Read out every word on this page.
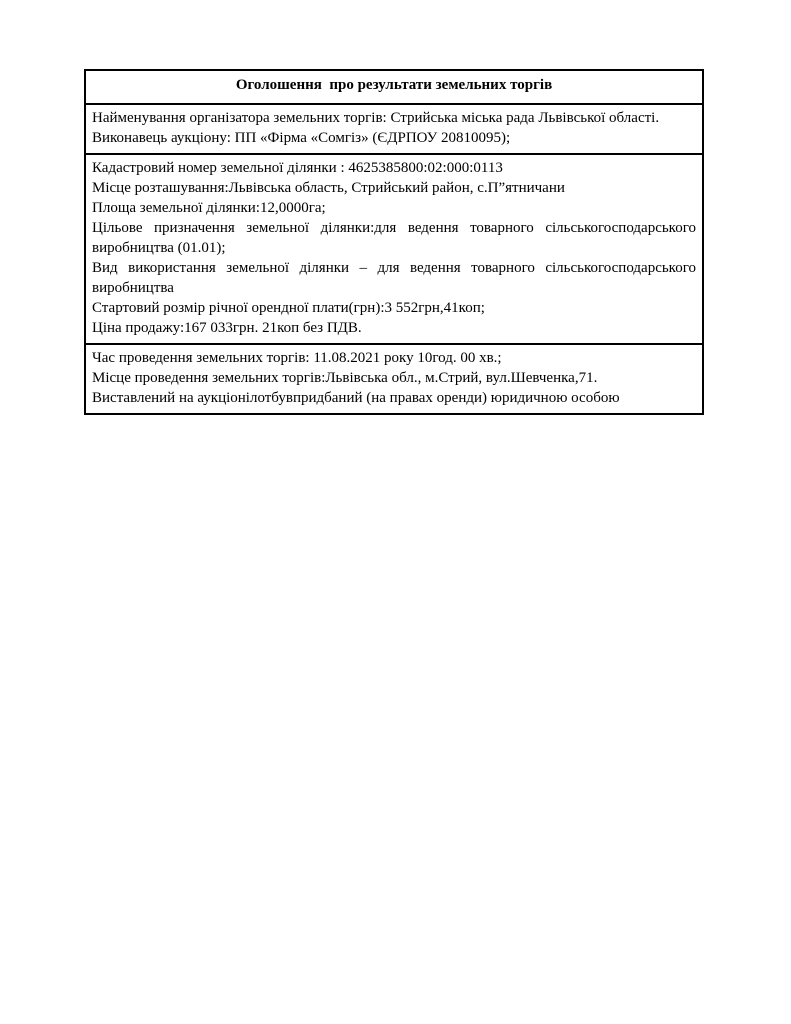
Оголошення  про результати земельних торгів

Найменування організатора земельних торгів: Стрийська міська рада Львівської області.

Виконавець аукціону: ПП «Фірма «Сомгіз» (ЄДРПОУ 20810095);

Кадастровий номер земельної ділянки : 4625385800:02:000:0113

Місце розташування:Львівська область, Стрийський район, с.П”ятничани

Площа земельної ділянки:12,0000га;

Цільове призначення земельної ділянки:для ведення товарного сільськогосподарського виробництва (01.01);

Вид використання земельної ділянки – для ведення товарного сільськогосподарського виробництва

Стартовий розмір річної орендної плати(грн):3 552грн,41коп;

Ціна продажу:167 033грн. 21коп без ПДВ.

Час проведення земельних торгів: 11.08.2021 року 10год. 00 хв.;

Місце проведення земельних торгів:Львівська обл., м.Стрий, вул.Шевченка,71.

Виставлений на аукціонілотбувпридбаний (на правах оренди) юридичною особою
